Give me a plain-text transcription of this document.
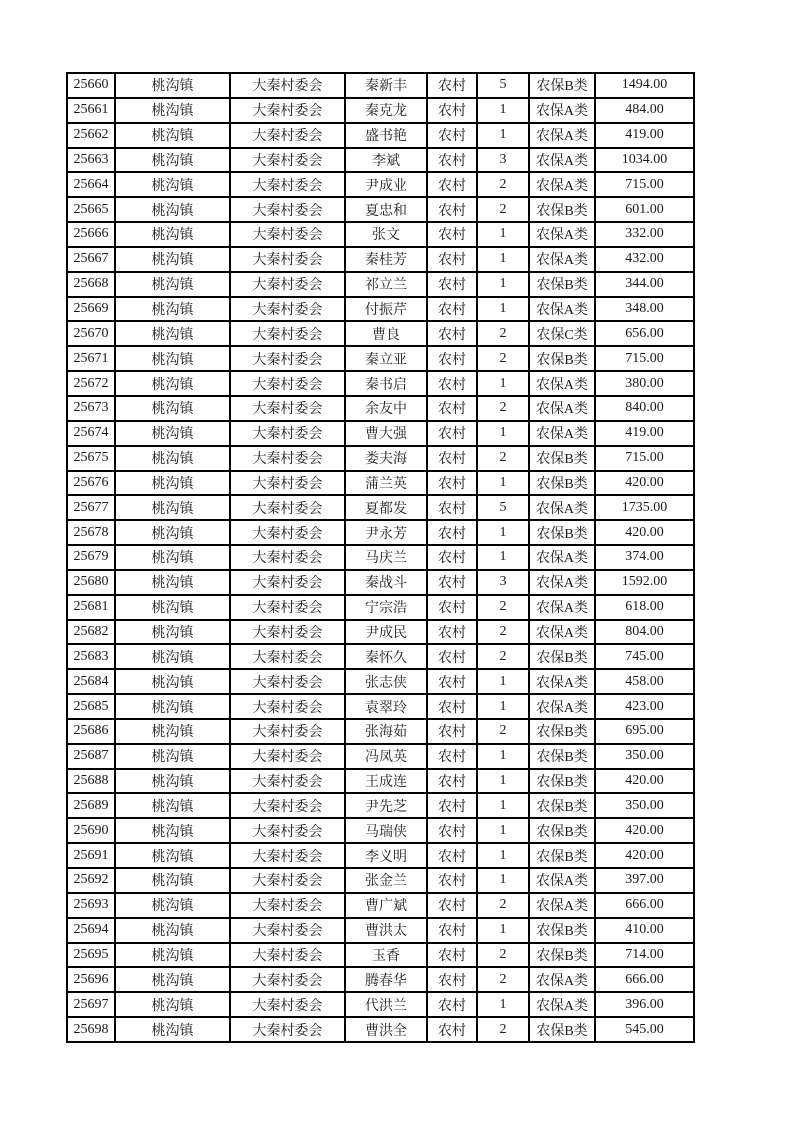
25660	桃沟镇	大秦村委会	秦新丰	农村	5	农保B类	1494.00
25661	桃沟镇	大秦村委会	秦克龙	农村	1	农保A类	484.00
25662	桃沟镇	大秦村委会	盛书艳	农村	1	农保A类	419.00
25663	桃沟镇	大秦村委会	李斌	农村	3	农保A类	1034.00
25664	桃沟镇	大秦村委会	尹成业	农村	2	农保A类	715.00
25665	桃沟镇	大秦村委会	夏忠和	农村	2	农保B类	601.00
25666	桃沟镇	大秦村委会	张文	农村	1	农保A类	332.00
25667	桃沟镇	大秦村委会	秦桂芳	农村	1	农保A类	432.00
25668	桃沟镇	大秦村委会	祁立兰	农村	1	农保B类	344.00
25669	桃沟镇	大秦村委会	付振芹	农村	1	农保A类	348.00
25670	桃沟镇	大秦村委会	曹良	农村	2	农保C类	656.00
25671	桃沟镇	大秦村委会	秦立亚	农村	2	农保B类	715.00
25672	桃沟镇	大秦村委会	秦书启	农村	1	农保A类	380.00
25673	桃沟镇	大秦村委会	余友中	农村	2	农保A类	840.00
25674	桃沟镇	大秦村委会	曹大强	农村	1	农保A类	419.00
25675	桃沟镇	大秦村委会	娄夫海	农村	2	农保B类	715.00
25676	桃沟镇	大秦村委会	蒲兰英	农村	1	农保B类	420.00
25677	桃沟镇	大秦村委会	夏都发	农村	5	农保A类	1735.00
25678	桃沟镇	大秦村委会	尹永芳	农村	1	农保B类	420.00
25679	桃沟镇	大秦村委会	马庆兰	农村	1	农保A类	374.00
25680	桃沟镇	大秦村委会	秦战斗	农村	3	农保A类	1592.00
25681	桃沟镇	大秦村委会	宁宗浩	农村	2	农保A类	618.00
25682	桃沟镇	大秦村委会	尹成民	农村	2	农保A类	804.00
25683	桃沟镇	大秦村委会	秦怀久	农村	2	农保B类	745.00
25684	桃沟镇	大秦村委会	张志侠	农村	1	农保A类	458.00
25685	桃沟镇	大秦村委会	袁翠玲	农村	1	农保A类	423.00
25686	桃沟镇	大秦村委会	张海茹	农村	2	农保B类	695.00
25687	桃沟镇	大秦村委会	冯凤英	农村	1	农保B类	350.00
25688	桃沟镇	大秦村委会	王成连	农村	1	农保B类	420.00
25689	桃沟镇	大秦村委会	尹先芝	农村	1	农保B类	350.00
25690	桃沟镇	大秦村委会	马瑞侠	农村	1	农保B类	420.00
25691	桃沟镇	大秦村委会	李义明	农村	1	农保B类	420.00
25692	桃沟镇	大秦村委会	张金兰	农村	1	农保A类	397.00
25693	桃沟镇	大秦村委会	曹广斌	农村	2	农保A类	666.00
25694	桃沟镇	大秦村委会	曹洪太	农村	1	农保B类	410.00
25695	桃沟镇	大秦村委会	玉香	农村	2	农保B类	714.00
25696	桃沟镇	大秦村委会	腾春华	农村	2	农保A类	666.00
25697	桃沟镇	大秦村委会	代洪兰	农村	1	农保A类	396.00
25698	桃沟镇	大秦村委会	曹洪全	农村	2	农保B类	545.00
